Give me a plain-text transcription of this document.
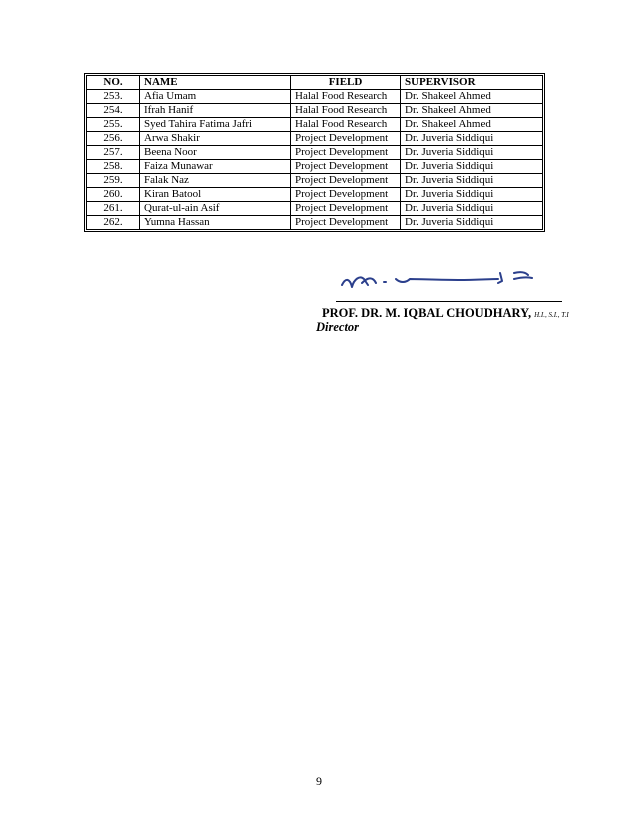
NO.	NAME	FIELD	SUPERVISOR
253.	Afia Umam	Halal Food Research	Dr. Shakeel Ahmed
254.	Ifrah Hanif	Halal Food Research	Dr. Shakeel Ahmed
255.	Syed Tahira Fatima Jafri	Halal Food Research	Dr. Shakeel Ahmed
256.	Arwa Shakir	Project Development	Dr. Juveria Siddiqui
257.	Beena Noor	Project Development	Dr. Juveria Siddiqui
258.	Faiza Munawar	Project Development	Dr. Juveria Siddiqui
259.	Falak Naz	Project Development	Dr. Juveria Siddiqui
260.	Kiran Batool	Project Development	Dr. Juveria Siddiqui
261.	Qurat-ul-ain Asif	Project Development	Dr. Juveria Siddiqui
262.	Yumna Hassan	Project Development	Dr. Juveria Siddiqui
PROF. DR. M. IQBAL CHOUDHARY, H.I., S.I., T.I
Director
9
